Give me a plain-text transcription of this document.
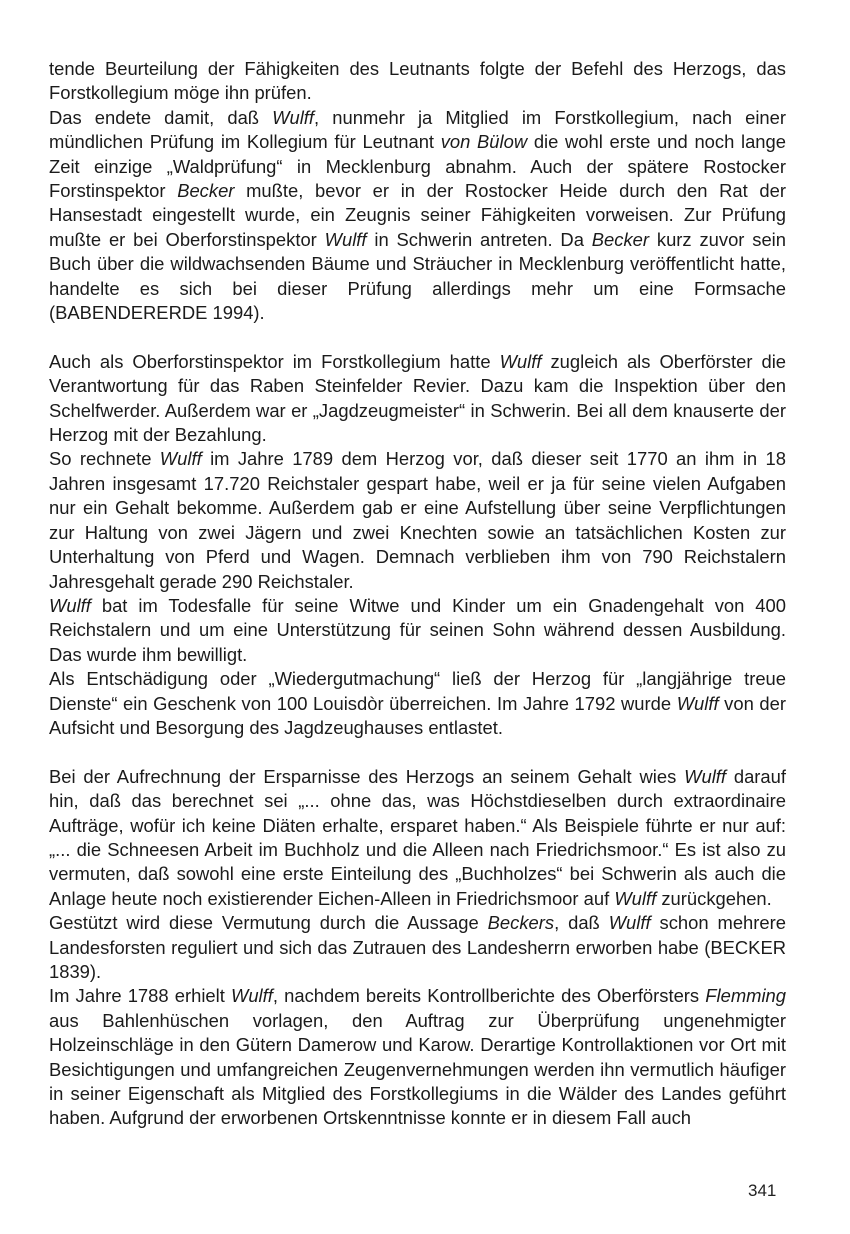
tende Beurteilung der Fähigkeiten des Leutnants folgte der Befehl des Herzogs, das Forstkollegium möge ihn prüfen.

Das endete damit, daß Wulff, nunmehr ja Mitglied im Forstkollegium, nach einer mündlichen Prüfung im Kollegium für Leutnant von Bülow die wohl erste und noch lange Zeit einzige „Waldprüfung“ in Mecklenburg abnahm. Auch der spätere Rostocker Forstinspektor Becker mußte, bevor er in der Rostocker Heide durch den Rat der Hansestadt eingestellt wurde, ein Zeugnis seiner Fähigkeiten vorweisen. Zur Prüfung mußte er bei Oberforstinspektor Wulff in Schwerin antreten. Da Becker kurz zuvor sein Buch über die wildwachsenden Bäume und Sträucher in Mecklenburg veröffentlicht hatte, handelte es sich bei dieser Prüfung allerdings mehr um eine Formsache (BABENDERERDE 1994).

Auch als Oberforstinspektor im Forstkollegium hatte Wulff zugleich als Oberförster die Verantwortung für das Raben Steinfelder Revier. Dazu kam die Inspektion über den Schelfwerder. Außerdem war er „Jagdzeugmeister“ in Schwerin. Bei all dem knauserte der Herzog mit der Bezahlung.

So rechnete Wulff im Jahre 1789 dem Herzog vor, daß dieser seit 1770 an ihm in 18 Jahren insgesamt 17.720 Reichstaler gespart habe, weil er ja für seine vielen Aufgaben nur ein Gehalt bekomme. Außerdem gab er eine Aufstellung über seine Verpflichtungen zur Haltung von zwei Jägern und zwei Knechten sowie an tatsächlichen Kosten zur Unterhaltung von Pferd und Wagen. Demnach verblieben ihm von 790 Reichstalern Jahresgehalt gerade 290 Reichstaler.

Wulff bat im Todesfalle für seine Witwe und Kinder um ein Gnadengehalt von 400 Reichstalern und um eine Unterstützung für seinen Sohn während dessen Ausbildung. Das wurde ihm bewilligt.

Als Entschädigung oder „Wiedergutmachung“ ließ der Herzog für „langjährige treue Dienste“ ein Geschenk von 100 Louisdòr überreichen. Im Jahre 1792 wurde Wulff von der Aufsicht und Besorgung des Jagdzeughauses entlastet.

Bei der Aufrechnung der Ersparnisse des Herzogs an seinem Gehalt wies Wulff darauf hin, daß das berechnet sei „... ohne das, was Höchstdieselben durch extraordinaire Aufträge, wofür ich keine Diäten erhalte, ersparet haben.“ Als Beispiele führte er nur auf: „... die Schneesen Arbeit im Buchholz und die Alleen nach Friedrichsmoor.“ Es ist also zu vermuten, daß sowohl eine erste Einteilung des „Buchholzes“ bei Schwerin als auch die Anlage heute noch existierender Eichen-Alleen in Friedrichsmoor auf Wulff zurückgehen.

Gestützt wird diese Vermutung durch die Aussage Beckers, daß Wulff schon mehrere Landesforsten reguliert und sich das Zutrauen des Landesherrn erworben habe (BECKER 1839).

Im Jahre 1788 erhielt Wulff, nachdem bereits Kontrollberichte des Oberförsters Flemming aus Bahlenhüschen vorlagen, den Auftrag zur Überprüfung ungenehmigter Holzeinschläge in den Gütern Damerow und Karow. Derartige Kontrollaktionen vor Ort mit Besichtigungen und umfangreichen Zeugenvernehmungen werden ihn vermutlich häufiger in seiner Eigenschaft als Mitglied des Forstkollegiums in die Wälder des Landes geführt haben. Aufgrund der erworbenen Ortskenntnisse konnte er in diesem Fall auch

341
